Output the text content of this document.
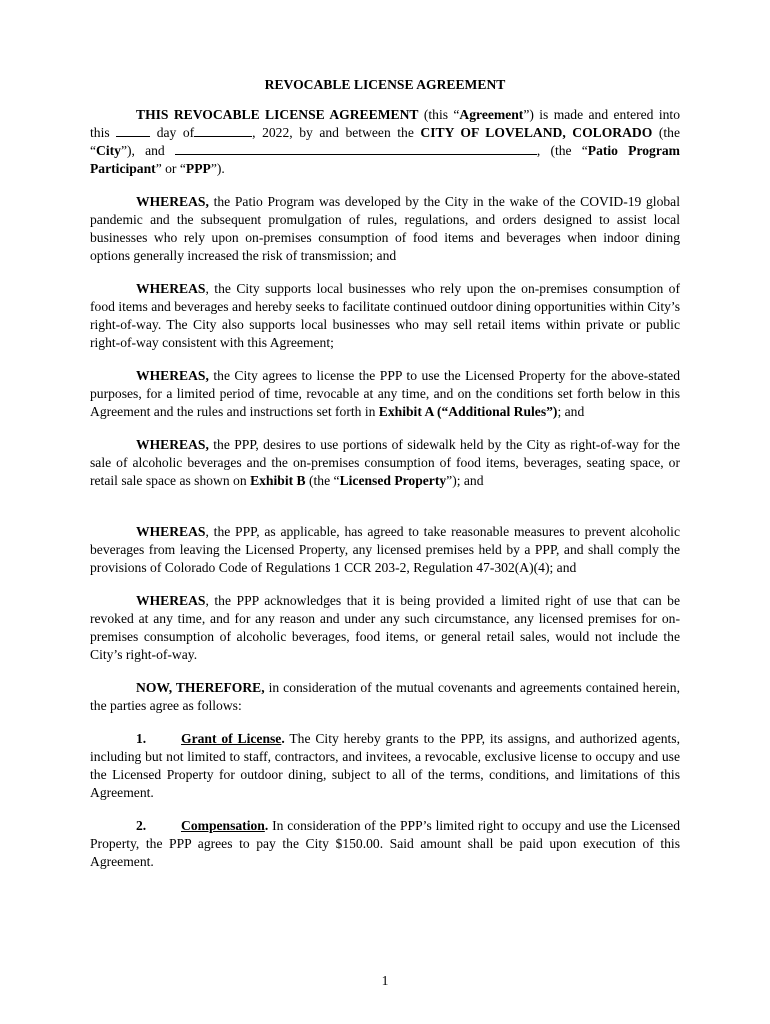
REVOCABLE LICENSE AGREEMENT

THIS REVOCABLE LICENSE AGREEMENT (this “Agreement”) is made and entered into this	day of	, 2022, by and between the CITY OF LOVELAND, COLORADO (the “City”), and	, (the “Patio Program Participant” or “PPP”).

WHEREAS, the Patio Program was developed by the City in the wake of the COVID-19 global pandemic and the subsequent promulgation of rules, regulations, and orders designed to assist local businesses who rely upon on-premises consumption of food items and beverages when indoor dining options generally increased the risk of transmission; and

WHEREAS, the City supports local businesses who rely upon the on-premises consumption of food items and beverages and hereby seeks to facilitate continued outdoor dining opportunities within City’s right-of-way. The City also supports local businesses who may sell retail items within private or public right-of-way consistent with this Agreement;

WHEREAS, the City agrees to license the PPP to use the Licensed Property for the above-stated purposes, for a limited period of time, revocable at any time, and on the conditions set forth below in this Agreement and the rules and instructions set forth in Exhibit A (“Additional Rules”); and

WHEREAS, the PPP, desires to use portions of sidewalk held by the City as right-of-way for the sale of alcoholic beverages and the on-premises consumption of food items, beverages, seating space, or retail sale space as shown on Exhibit B (the “Licensed Property”); and

WHEREAS, the PPP, as applicable, has agreed to take reasonable measures to prevent alcoholic beverages from leaving the Licensed Property, any licensed premises held by a PPP, and shall comply the provisions of Colorado Code of Regulations 1 CCR 203-2, Regulation 47-302(A)(4); and

WHEREAS, the PPP acknowledges that it is being provided a limited right of use that can be revoked at any time, and for any reason and under any such circumstance, any licensed premises for on-premises consumption of alcoholic beverages, food items, or general retail sales, would not include the City’s right-of-way.

NOW, THEREFORE, in consideration of the mutual covenants and agreements contained herein, the parties agree as follows:

1.	Grant of License. The City hereby grants to the PPP, its assigns, and authorized agents, including but not limited to staff, contractors, and invitees, a revocable, exclusive license to occupy and use the Licensed Property for outdoor dining, subject to all of the terms, conditions, and limitations of this Agreement.

2.	Compensation. In consideration of the PPP’s limited right to occupy and use the Licensed Property, the PPP agrees to pay the City $150.00. Said amount shall be paid upon execution of this Agreement.

1
